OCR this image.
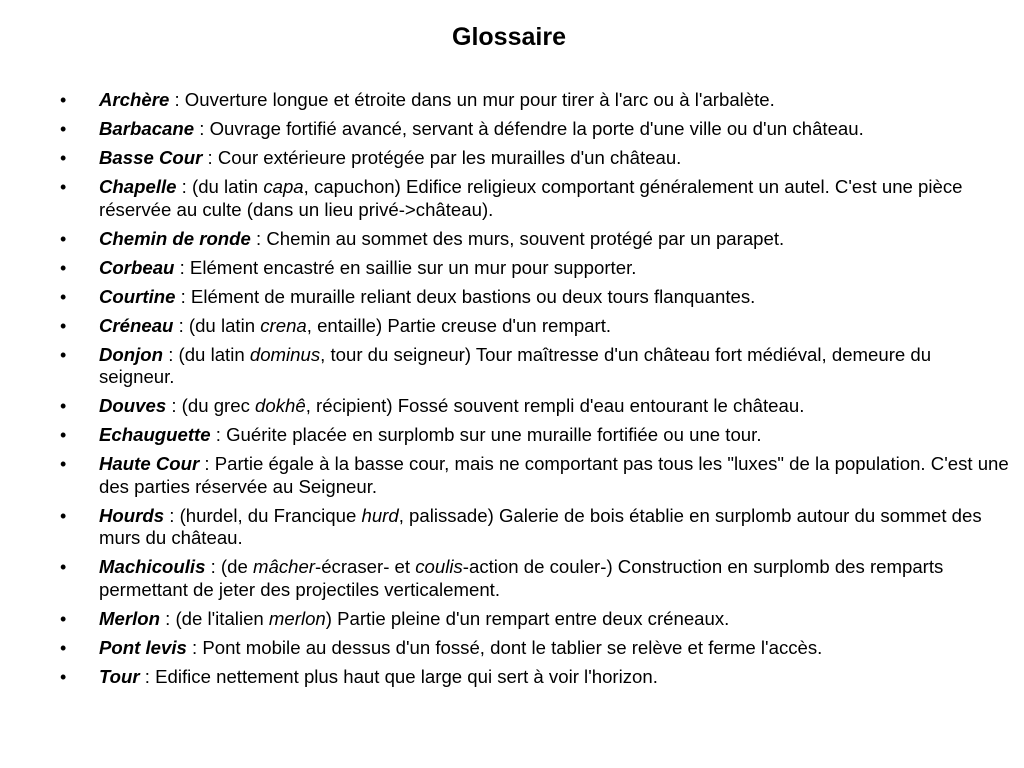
Glossaire
• Archère : Ouverture longue et étroite dans un mur pour tirer à l'arc ou à l'arbalète.
• Barbacane : Ouvrage fortifié avancé, servant à défendre la porte d'une ville ou d'un château.
• Basse Cour : Cour extérieure protégée par les murailles d'un château.
• Chapelle : (du latin capa, capuchon) Edifice religieux comportant généralement un autel. C'est une pièce réservée au culte (dans un lieu privé->château).
• Chemin de ronde : Chemin au sommet des murs, souvent protégé par un parapet.
• Corbeau : Elément encastré en saillie sur un mur pour supporter.
• Courtine : Elément de muraille reliant deux bastions ou deux tours flanquantes.
• Créneau : (du latin crena, entaille) Partie creuse d'un rempart.
• Donjon : (du latin dominus, tour du seigneur) Tour maîtresse d'un château fort médiéval, demeure du seigneur.
• Douves : (du grec dokhê, récipient) Fossé souvent rempli d'eau entourant le château.
• Echauguette : Guérite placée en surplomb sur une muraille fortifiée ou une tour.
• Haute Cour : Partie égale à la basse cour, mais ne comportant pas tous les "luxes" de la population. C'est une des parties réservée au Seigneur.
• Hourds : (hurdel, du Francique hurd, palissade) Galerie de bois établie en surplomb autour du sommet des murs du château.
• Machicoulis : (de mâcher-écraser- et coulis-action de couler-) Construction en surplomb des remparts permettant de jeter des projectiles verticalement.
• Merlon : (de l'italien merlon) Partie pleine d'un rempart entre deux créneaux.
• Pont levis : Pont mobile au dessus d'un fossé, dont le tablier se relève et ferme l'accès.
• Tour : Edifice nettement plus haut que large qui sert à voir l'horizon.
